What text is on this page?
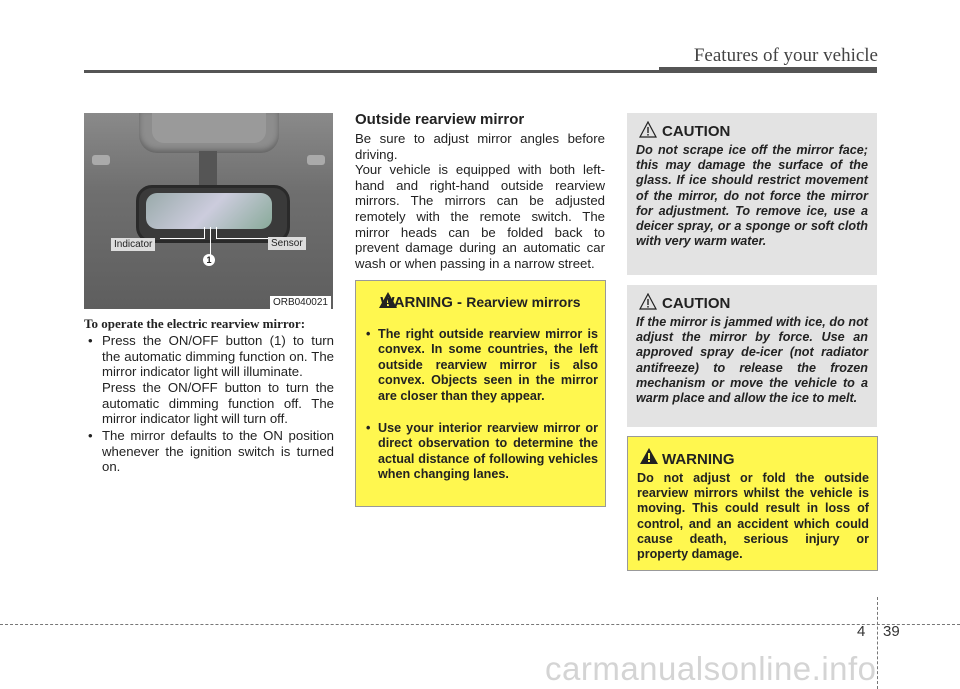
Features of your vehicle
Indicator	Sensor
1
ORB040021
To operate the electric rearview mirror:
• Press the ON/OFF button (1) to turn the automatic dimming function on. The mirror indicator light will illuminate.
Press the ON/OFF button to turn the automatic dimming function off. The mirror indicator light will turn off.
• The mirror defaults to the ON position whenever the ignition switch is turned on.
Outside rearview mirror
Be sure to adjust mirror angles before driving.
Your vehicle is equipped with both left-hand and right-hand outside rearview mirrors. The mirrors can be adjusted remotely with the remote switch. The mirror heads can be folded back to prevent damage during an automatic car wash or when passing in a narrow street.
WARNING - Rearview mirrors
• The right outside rearview mirror is convex. In some countries, the left outside rearview mirror is also convex. Objects seen in the mirror are closer than they appear.
• Use your interior rearview mirror or direct observation to determine the actual distance of following vehicles when changing lanes.
CAUTION
Do not scrape ice off the mirror face; this may damage the surface of the glass. If ice should restrict movement of the mirror, do not force the mirror for adjustment. To remove ice, use a deicer spray, or a sponge or soft cloth with very warm water.
CAUTION
If the mirror is jammed with ice, do not adjust the mirror by force. Use an approved spray de-icer (not radiator antifreeze) to release the frozen mechanism or move the vehicle to a warm place and allow the ice to melt.
WARNING
Do not adjust or fold the outside rearview mirrors whilst the vehicle is moving. This could result in loss of control, and an accident which could cause death, serious injury or property damage.
4 39
carmanualsonline.info
